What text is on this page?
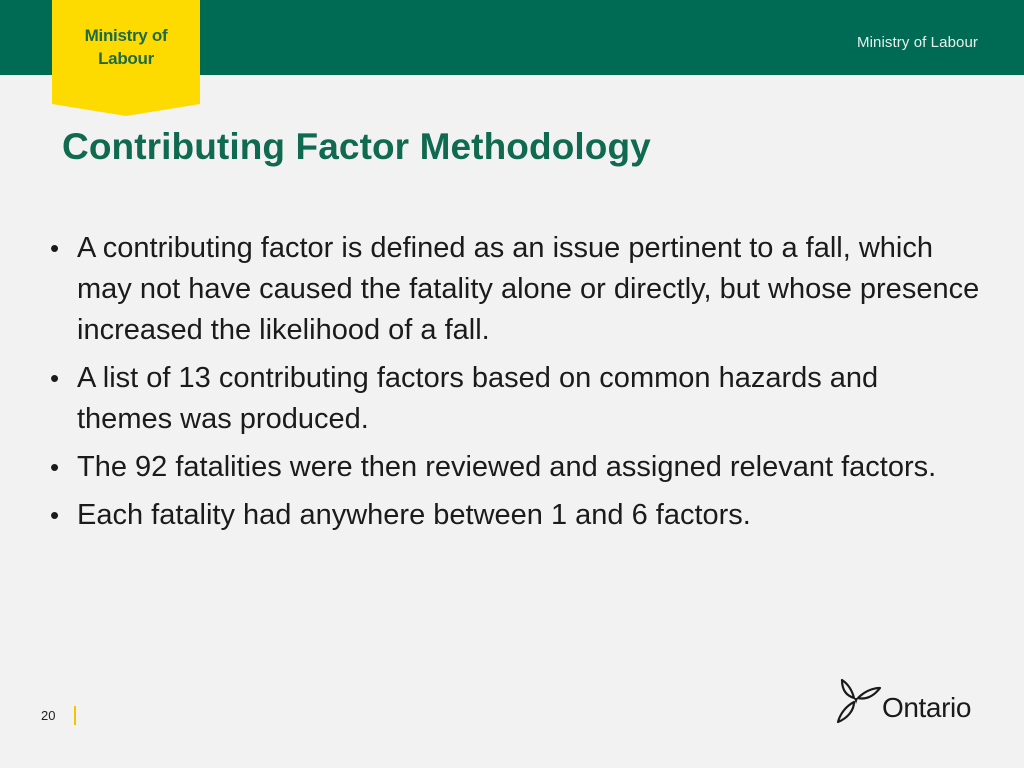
Ministry of
Labour
Ministry of Labour
Contributing Factor Methodology
• A contributing factor is defined as an issue pertinent to a fall, which may not have caused the fatality alone or directly, but whose presence increased the likelihood of a fall.
• A list of 13 contributing factors based on common hazards and themes was produced.
• The 92 fatalities were then reviewed and assigned relevant factors.
• Each fatality had anywhere between 1 and 6 factors.
20	Ontario
